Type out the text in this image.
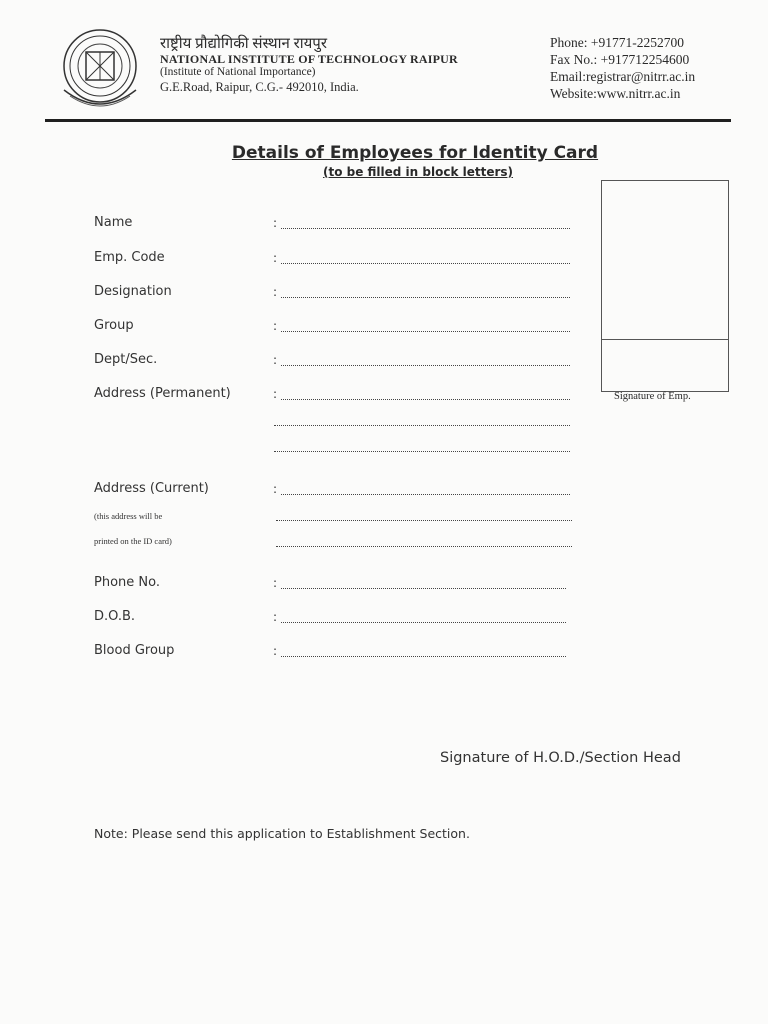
राष्ट्रीय प्रौद्योगिकी संस्थान रायपुर
NATIONAL INSTITUTE OF TECHNOLOGY RAIPUR
(Institute of National Importance)
G.E.Road, Raipur, C.G.- 492010, India.
Phone: +91771-2252700
Fax No.: +917712254600
Email:registrar@nitrr.ac.in
Website:www.nitrr.ac.in
Details of Employees for Identity Card
(to be filled in block letters)
Signature of Emp.
Name	:
Emp. Code	:
Designation	:
Group	:
Dept/Sec.	:
Address (Permanent)	:
Address (Current)	:
(this address will be
printed on the ID card)
Phone No.	:
D.O.B.	:
Blood Group	:
Signature of H.O.D./Section Head
Note: Please send this application to Establishment Section.
